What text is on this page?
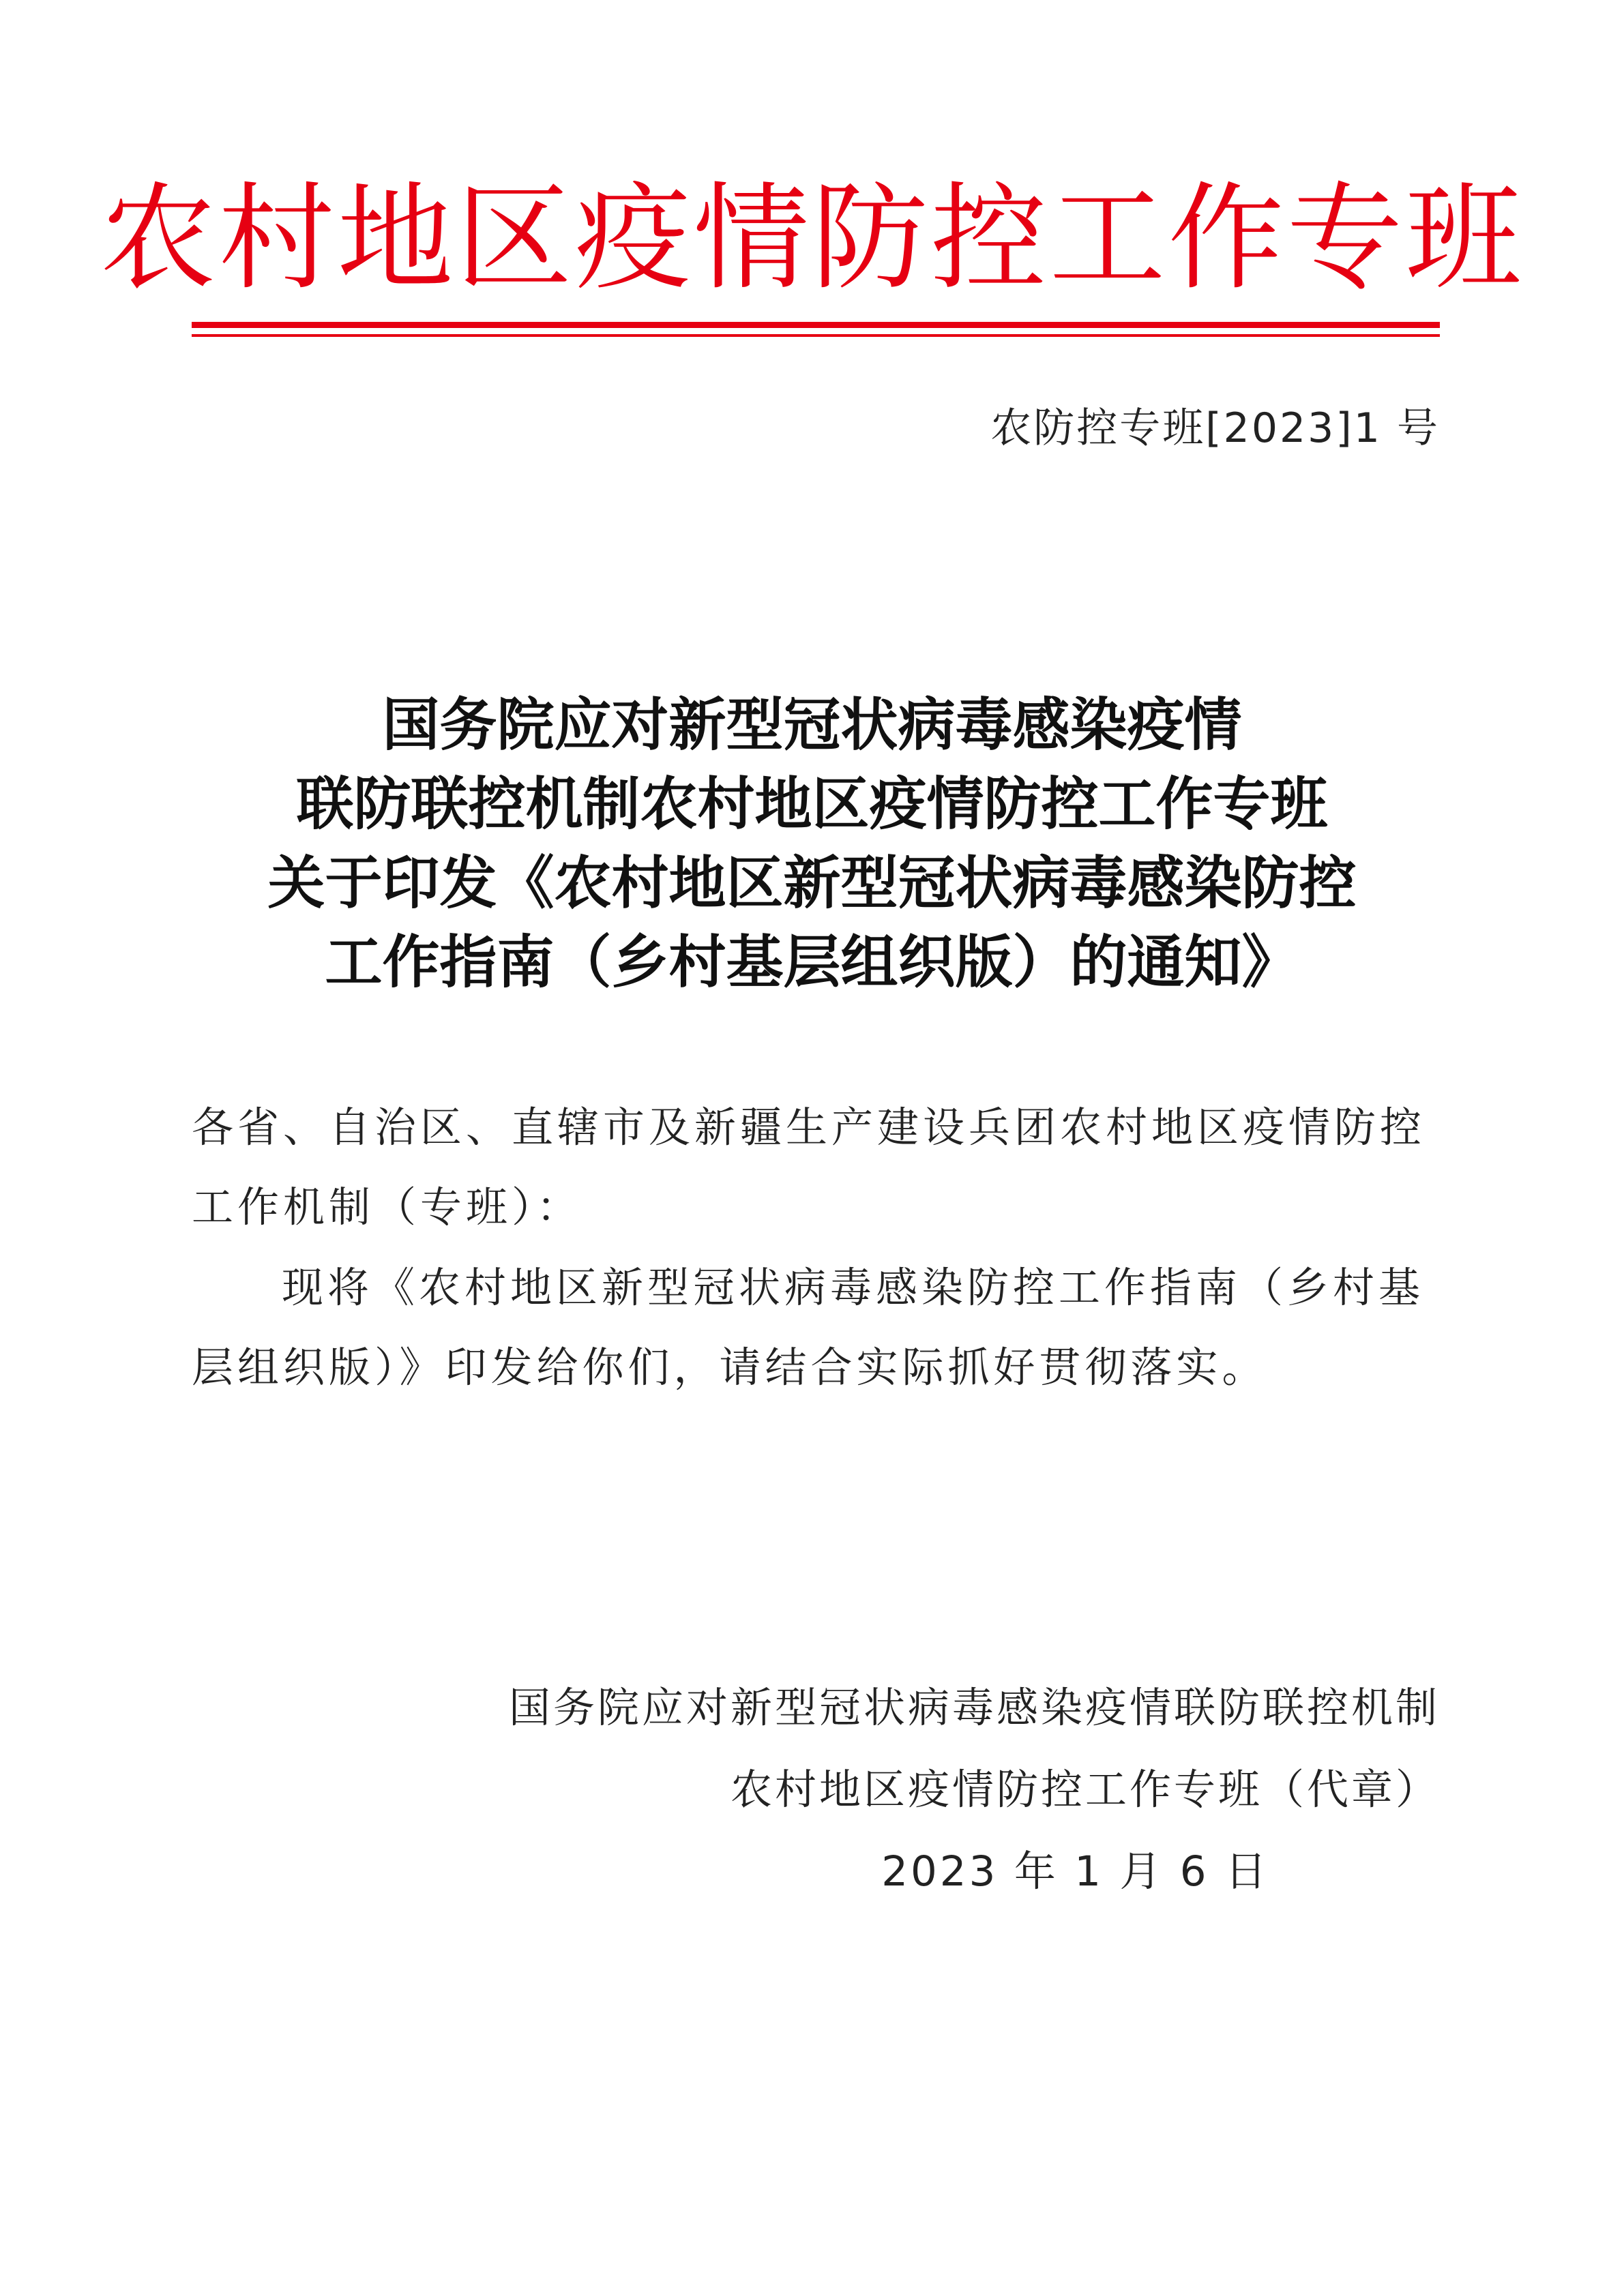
农村地区疫情防控工作专班
农防控专班[2023]1 号
国务院应对新型冠状病毒感染疫情
联防联控机制农村地区疫情防控工作专班
关于印发《农村地区新型冠状病毒感染防控
工作指南（乡村基层组织版）的通知》
各省、自治区、直辖市及新疆生产建设兵团农村地区疫情防控工作机制（专班）：
现将《农村地区新型冠状病毒感染防控工作指南（乡村基层组织版）》印发给你们，请结合实际抓好贯彻落实。
国务院应对新型冠状病毒感染疫情联防联控机制
农村地区疫情防控工作专班（代章）
2023 年 1 月 6 日
